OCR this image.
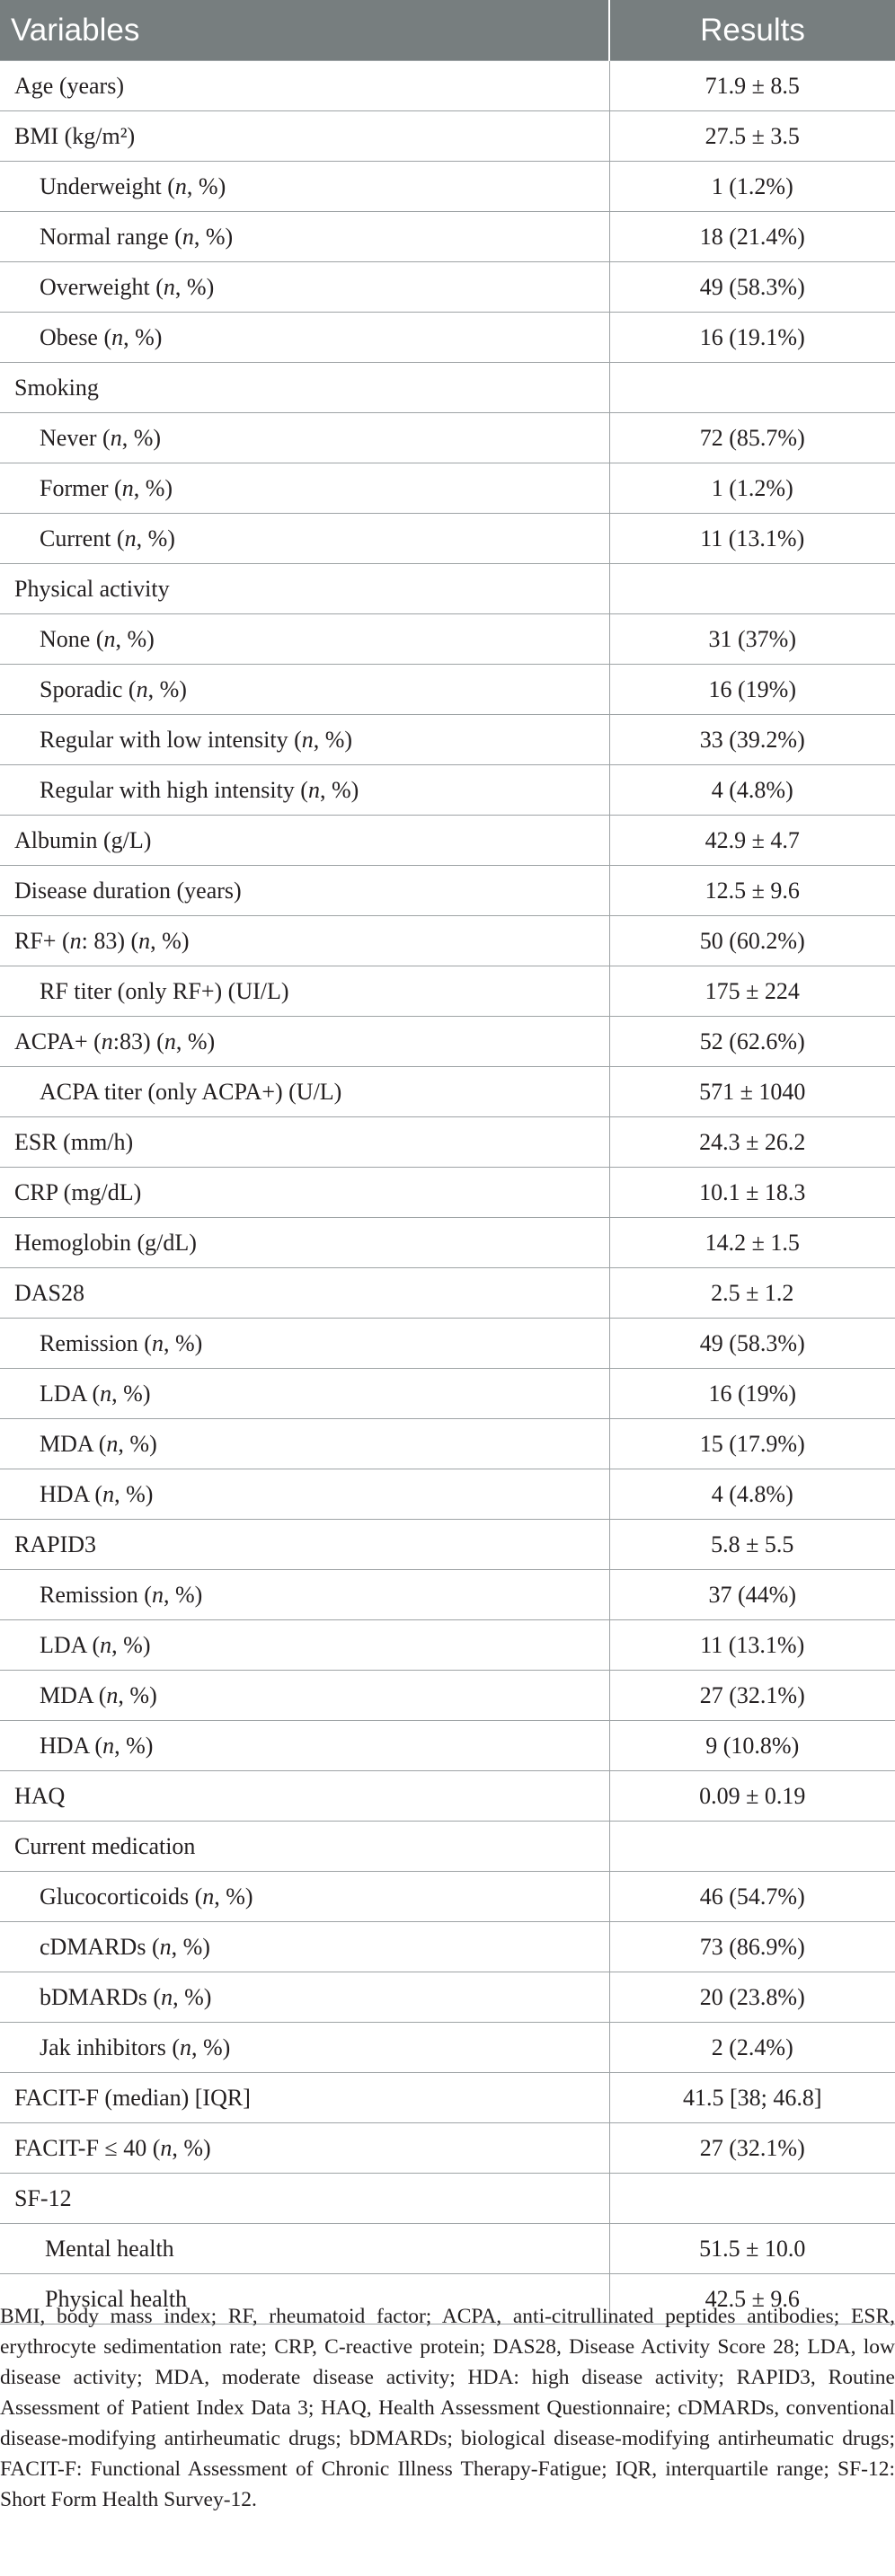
Variables	Results
Age (years)	71.9 ± 8.5
BMI (kg/m²)	27.5 ± 3.5
Underweight (n, %)	1 (1.2%)
Normal range (n, %)	18 (21.4%)
Overweight (n, %)	49 (58.3%)
Obese (n, %)	16 (19.1%)
Smoking	
Never (n, %)	72 (85.7%)
Former (n, %)	1 (1.2%)
Current (n, %)	11 (13.1%)
Physical activity	
None (n, %)	31 (37%)
Sporadic (n, %)	16 (19%)
Regular with low intensity (n, %)	33 (39.2%)
Regular with high intensity (n, %)	4 (4.8%)
Albumin (g/L)	42.9 ± 4.7
Disease duration (years)	12.5 ± 9.6
RF+ (n: 83) (n, %)	50 (60.2%)
RF titer (only RF+) (UI/L)	175 ± 224
ACPA+ (n:83) (n, %)	52 (62.6%)
ACPA titer (only ACPA+) (U/L)	571 ± 1040
ESR (mm/h)	24.3 ± 26.2
CRP (mg/dL)	10.1 ± 18.3
Hemoglobin (g/dL)	14.2 ± 1.5
DAS28	2.5 ± 1.2
Remission (n, %)	49 (58.3%)
LDA (n, %)	16 (19%)
MDA (n, %)	15 (17.9%)
HDA (n, %)	4 (4.8%)
RAPID3	5.8 ± 5.5
Remission (n, %)	37 (44%)
LDA (n, %)	11 (13.1%)
MDA (n, %)	27 (32.1%)
HDA (n, %)	9 (10.8%)
HAQ	0.09 ± 0.19
Current medication	
Glucocorticoids (n, %)	46 (54.7%)
cDMARDs (n, %)	73 (86.9%)
bDMARDs (n, %)	20 (23.8%)
Jak inhibitors (n, %)	2 (2.4%)
FACIT-F (median) [IQR]	41.5 [38; 46.8]
FACIT-F ≤ 40 (n, %)	27 (32.1%)
SF-12	
Mental health	51.5 ± 10.0
Physical health	42.5 ± 9.6
BMI, body mass index; RF, rheumatoid factor; ACPA, anti-citrullinated peptides antibodies; ESR, erythrocyte sedimentation rate; CRP, C-reactive protein; DAS28, Disease Activity Score 28; LDA, low disease activity; MDA, moderate disease activity; HDA: high disease activity; RAPID3, Routine Assessment of Patient Index Data 3; HAQ, Health Assessment Questionnaire; cDMARDs, conventional disease-modifying antirheumatic drugs; bDMARDs; biological disease-modifying antirheumatic drugs; FACIT-F: Functional Assessment of Chronic Illness Therapy-Fatigue; IQR, interquartile range; SF-12: Short Form Health Survey-12.
